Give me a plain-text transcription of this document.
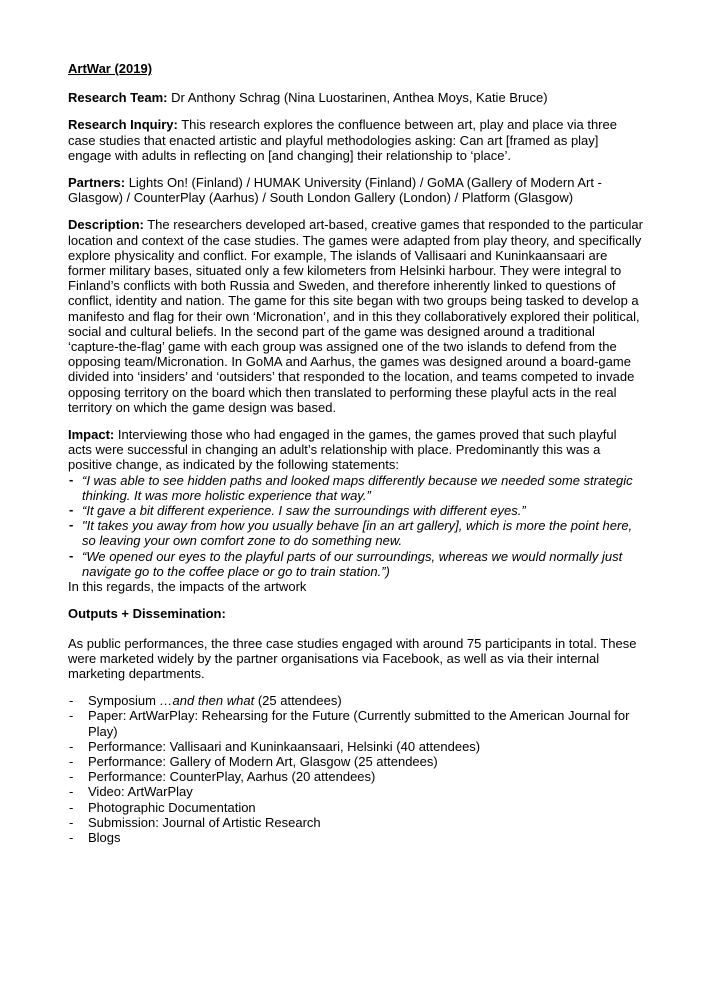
ArtWar (2019)

Research Team: Dr Anthony Schrag (Nina Luostarinen, Anthea Moys, Katie Bruce)

Research Inquiry: This research explores the confluence between art, play and place via three case studies that enacted artistic and playful methodologies asking: Can art [framed as play] engage with adults in reflecting on [and changing] their relationship to ‘place’.

Partners: Lights On! (Finland) / HUMAK University (Finland) / GoMA (Gallery of Modern Art - Glasgow) / CounterPlay (Aarhus) / South London Gallery (London) / Platform (Glasgow)

Description: The researchers developed art-based, creative games that responded to the particular location and context of the case studies. The games were adapted from play theory, and specifically explore physicality and conflict. For example, The islands of Vallisaari and Kuninkaansaari are former military bases, situated only a few kilometers from Helsinki harbour. They were integral to Finland’s conflicts with both Russia and Sweden, and therefore inherently linked to questions of conflict, identity and nation. The game for this site began with two groups being tasked to develop a manifesto and flag for their own ‘Micronation’, and in this they collaboratively explored their political, social and cultural beliefs. In the second part of the game was designed around a traditional ‘capture-the-flag’ game with each group was assigned one of the two islands to defend from the opposing team/Micronation. In GoMA and Aarhus, the games was designed around a board-game divided into ‘insiders’ and ‘outsiders’ that responded to the location, and teams competed to invade opposing territory on the board which then translated to performing these playful acts in the real territory on which the game design was based.

Impact: Interviewing those who had engaged in the games, the games proved that such playful acts were successful in changing an adult’s relationship with place. Predominantly this was a positive change, as indicated by the following statements:

- “I was able to see hidden paths and looked maps differently because we needed some strategic thinking. It was more holistic experience that way.”
- “It gave a bit different experience. I saw the surroundings with different eyes.”
- "It takes you away from how you usually behave [in an art gallery], which is more the point here, so leaving your own comfort zone to do something new.
- “We opened our eyes to the playful parts of our surroundings, whereas we would normally just navigate go to the coffee place or go to train station.”)

In this regards, the impacts of the artwork

Outputs + Dissemination:

As public performances, the three case studies engaged with around 75 participants in total. These were marketed widely by the partner organisations via Facebook, as well as via their internal marketing departments.

- Symposium …and then what (25 attendees)
- Paper: ArtWarPlay: Rehearsing for the Future (Currently submitted to the American Journal for Play)
- Performance: Vallisaari and Kuninkaansaari, Helsinki (40 attendees)
- Performance: Gallery of Modern Art, Glasgow (25 attendees)
- Performance: CounterPlay, Aarhus (20 attendees)
- Video: ArtWarPlay
- Photographic Documentation
- Submission: Journal of Artistic Research
- Blogs
